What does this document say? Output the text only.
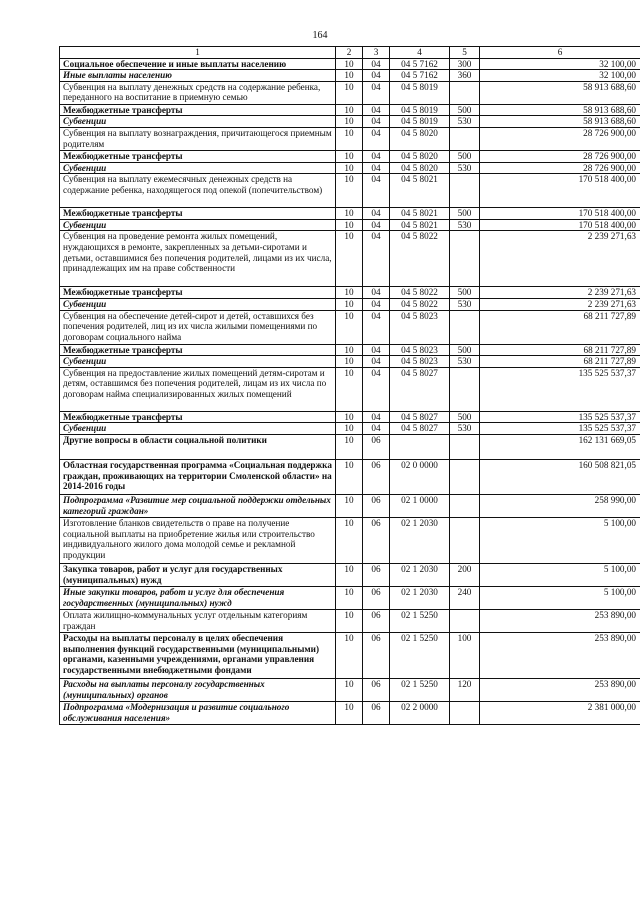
164
1	2	3	4	5	6
Социальное обеспечение и иные выплаты населению	10	04	04 5 7162	300	32 100,00
Иные выплаты населению	10	04	04 5 7162	360	32 100,00
Субвенция на выплату денежных средств на содержание ребенка, переданного на воспитание в приемную семью	10	04	04 5 8019		58 913 688,60
Межбюджетные трансферты	10	04	04 5 8019	500	58 913 688,60
Субвенции	10	04	04 5 8019	530	58 913 688,60
Субвенция на выплату вознаграждения, причитающегося приемным родителям	10	04	04 5 8020		28 726 900,00
Межбюджетные трансферты	10	04	04 5 8020	500	28 726 900,00
Субвенции	10	04	04 5 8020	530	28 726 900,00
Субвенция на выплату ежемесячных денежных средств на содержание ребенка, находящегося под опекой (попечительством)	10	04	04 5 8021		170 518 400,00
Межбюджетные трансферты	10	04	04 5 8021	500	170 518 400,00
Субвенции	10	04	04 5 8021	530	170 518 400,00
Субвенция на проведение ремонта жилых помещений, нуждающихся в ремонте, закрепленных за детьми-сиротами и детьми, оставшимися без попечения родителей, лицами из их числа, принадлежащих им на праве собственности	10	04	04 5 8022		2 239 271,63
Межбюджетные трансферты	10	04	04 5 8022	500	2 239 271,63
Субвенции	10	04	04 5 8022	530	2 239 271,63
Субвенция на обеспечение детей-сирот и детей, оставшихся без попечения родителей, лиц из их числа жилыми помещениями по договорам социального найма	10	04	04 5 8023		68 211 727,89
Межбюджетные трансферты	10	04	04 5 8023	500	68 211 727,89
Субвенции	10	04	04 5 8023	530	68 211 727,89
Субвенция на предоставление жилых помещений детям-сиротам и детям, оставшимся без попечения родителей, лицам из их числа по договорам найма специализированных жилых помещений	10	04	04 5 8027		135 525 537,37
Межбюджетные трансферты	10	04	04 5 8027	500	135 525 537,37
Субвенции	10	04	04 5 8027	530	135 525 537,37
Другие вопросы в области социальной политики	10	06			162 131 669,05
Областная государственная программа «Социальная поддержка граждан, проживающих на территории Смоленской области» на 2014-2016 годы	10	06	02 0 0000		160 508 821,05
Подпрограмма «Развитие мер социальной поддержки отдельных категорий граждан»	10	06	02 1 0000		258 990,00
Изготовление бланков свидетельств о праве на получение социальной выплаты на приобретение жилья или строительство индивидуального жилого дома молодой семье и рекламной продукции	10	06	02 1 2030		5 100,00
Закупка товаров, работ и услуг для государственных (муниципальных) нужд	10	06	02 1 2030	200	5 100,00
Иные закупки товаров, работ и услуг для обеспечения государственных (муниципальных) нужд	10	06	02 1 2030	240	5 100,00
Оплата жилищно-коммунальных услуг отдельным категориям граждан	10	06	02 1 5250		253 890,00
Расходы на выплаты персоналу в целях обеспечения выполнения функций государственными (муниципальными) органами, казенными учреждениями, органами управления государственными внебюджетными фондами	10	06	02 1 5250	100	253 890,00
Расходы на выплаты персоналу государственных (муниципальных) органов	10	06	02 1 5250	120	253 890,00
Подпрограмма «Модернизация и развитие социального обслуживания населения»	10	06	02 2 0000		2 381 000,00
